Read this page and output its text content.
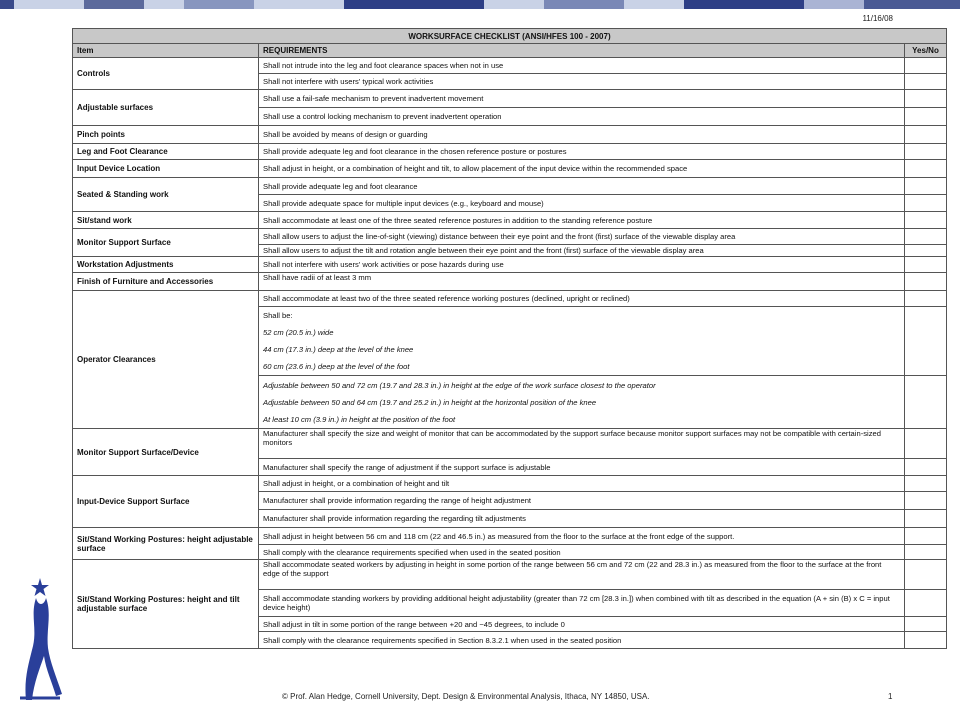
11/16/08
WORKSURFACE CHECKLIST (ANSI/HFES 100 - 2007)		
Item	REQUIREMENTS	Yes/No
Controls	Shall not intrude into the leg and foot clearance spaces when not in use	
	Shall not interfere with users' typical work activities	
Adjustable surfaces	Shall use a fail-safe mechanism to prevent inadvertent movement	
	Shall use a control locking mechanism to prevent inadvertent operation	
Pinch points	Shall be avoided by means of design or guarding	
Leg and Foot Clearance	Shall provide adequate leg and foot clearance in the chosen reference posture or postures	
Input Device Location	Shall adjust in height, or a combination of height and tilt, to allow placement of the input device within the recommended space	
Seated & Standing work	Shall provide adequate leg and foot clearance	
	Shall provide adequate space for multiple input devices (e.g., keyboard and mouse)	
Sit/stand work	Shall accommodate at least one of the three seated reference postures in addition to the standing reference posture	
Monitor Support Surface	Shall allow users to adjust the line-of-sight (viewing) distance between their eye point and the front (first) surface of the viewable display area	
	Shall allow users to adjust the tilt and rotation angle between their eye point and the front (first) surface of the viewable display area	
Workstation Adjustments	Shall not interfere with users' work activities or pose hazards during use	
Finish of Furniture and Accessories	Shall have radii of at least 3 mm	
Operator Clearances	Shall accommodate at least two of the three seated reference working postures (declined, upright or reclined)	

	Shall be:
52 cm (20.5 in.) wide
44 cm (17.3 in.) deep at the level of the knee
60 cm (23.6 in.) deep at the level of the foot	

	Adjustable between 50 and 72 cm (19.7 and 28.3 in.) in height at the edge of the work surface closest to the operator
Adjustable between 50 and 64 cm (19.7 and 25.2 in.) in height at the horizontal position of the knee
At least 10 cm (3.9 in.) in height at the position of the foot	

Monitor Support Surface/Device	Manufacturer shall specify the size and weight of monitor that can be accommodated by the support surface because monitor support surfaces may not be compatible with certain-sized monitors	
	Manufacturer shall specify the range of adjustment if the support surface is adjustable	
Input-Device Support Surface	Shall adjust in height, or a combination of height and tilt	
	Manufacturer shall provide information regarding the range of height adjustment	
	Manufacturer shall provide information regarding the regarding tilt adjustments	
Sit/Stand Working Postures: height adjustable surface	Shall adjust in height between 56 cm and 118 cm (22 and 46.5 in.) as measured from the floor to the surface at the front edge of the support.	
	Shall comply with the clearance requirements specified when used in the seated position	
Sit/Stand Working Postures: height and tilt adjustable surface	Shall accommodate seated workers by adjusting in height in some portion of the range between 56 cm and 72 cm (22 and 28.3 in.) as measured from the floor to the surface at the front edge of the support	
	Shall accommodate standing workers by providing additional height adjustability (greater than 72 cm [28.3 in.]) when combined with tilt as described in the equation (A + sin (B) x C = input device height)	
	Shall adjust in tilt in some portion of the range between +20 and −45 degrees, to include 0	
	Shall comply with the clearance requirements specified in Section 8.3.2.1 when used in the seated position	
© Prof. Alan Hedge, Cornell University, Dept. Design & Environmental Analysis, Ithaca, NY 14850, USA.	1
